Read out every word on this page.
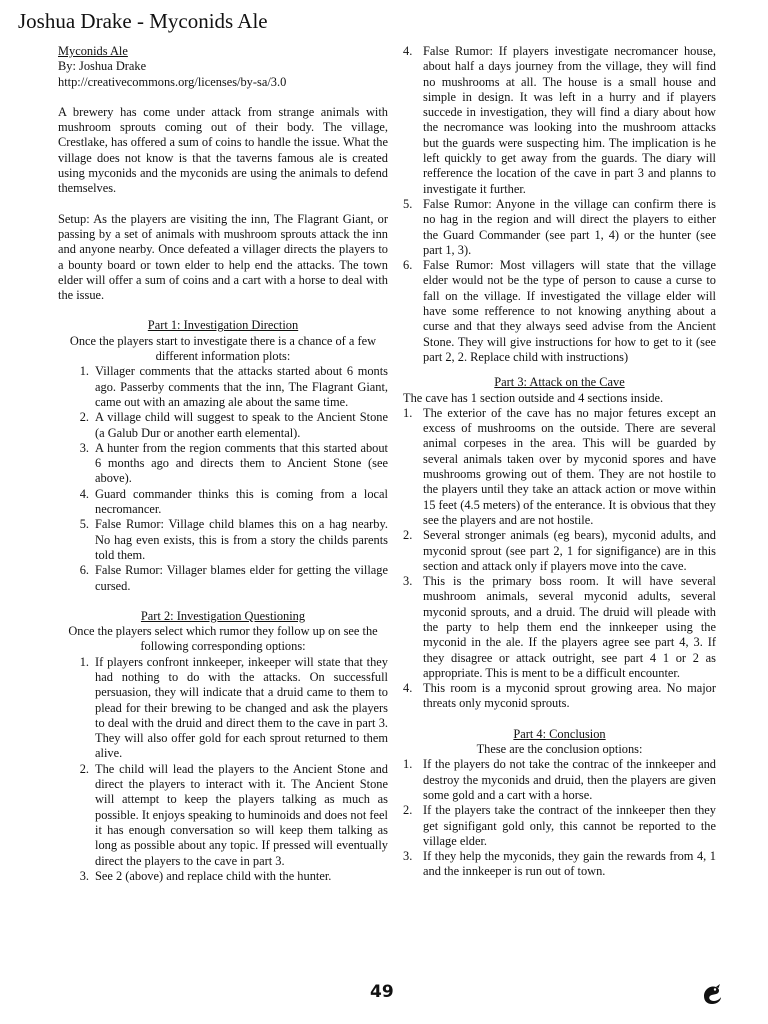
Joshua Drake - Myconids Ale

Myconids Ale

By: Joshua Drake

http://creativecommons.org/licenses/by-sa/3.0

A brewery has come under attack from strange animals with mushroom sprouts coming out of their body. The village, Crestlake, has offered a sum of coins to handle the issue. What the village does not know is that the taverns famous ale is created using myconids and the myconids are using the animals to defend themselves.

Setup: As the players are visiting the inn, The Flagrant Giant, or passing by a set of animals with mushroom sprouts attack the inn and anyone nearby. Once defeated a villager directs the players to a bounty board or town elder to help end the attacks. The town elder will offer a sum of coins and a cart with a horse to deal with the issue.

Part 1: Investigation Direction

Once the players start to investigate there is a chance of a few different information plots:

1. Villager comments that the attacks started about 6 monts ago. Passerby comments that the inn, The Flagrant Giant, came out with an amazing ale about the same time.
2. A village child will suggest to speak to the Ancient Stone (a Galub Dur or another earth elemental).
3. A hunter from the region comments that this started about 6 months ago and directs them to Ancient Stone (see above).
4. Guard commander thinks this is coming from a local necromancer.
5. False Rumor: Village child blames this on a hag nearby. No hag even exists, this is from a story the childs parents told them.
6. False Rumor: Villager blames elder for getting the village cursed.

Part 2: Investigation Questioning

Once the players select which rumor they follow up on see the following corresponding options:

1. If players confront innkeeper, inkeeper will state that they had nothing to do with the attacks. On successfull persuasion, they will indicate that a druid came to them to plead for their brewing to be changed and ask the players to deal with the druid and direct them to the cave in part 3. They will also offer gold for each sprout returned to them alive.
2. The child will lead the players to the Ancient Stone and direct the players to interact with it. The Ancient Stone will attempt to keep the players talking as much as possible. It enjoys speaking to huminoids and does not feel it has enough conversation so will keep them talking as long as possible about any topic. If pressed will eventually direct the players to the cave in part 3.
3. See 2 (above) and replace child with the hunter.
4. False Rumor: If players investigate necromancer house, about half a days journey from the village, they will find no mushrooms at all. The house is a small house and simple in design. It was left in a hurry and if players succede in investigation, they will find a diary about how the necromance was looking into the mushroom attacks but the guards were suspecting him. The implication is he left quickly to get away from the guards. The diary will refference the location of the cave in part 3 and planns to investigate it further.
5. False Rumor: Anyone in the village can confirm there is no hag in the region and will direct the players to either the Guard Commander (see part 1, 4) or the hunter (see part 1, 3).
6. False Rumor: Most villagers will state that the village elder would not be the type of person to cause a curse to fall on the village. If investigated the village elder will have some refference to not knowing anything about a curse and that they always seed advise from the Ancient Stone. They will give instructions for how to get to it (see part 2, 2. Replace child with instructions)

Part 3: Attack on the Cave

The cave has 1 section outside and 4 sections inside.

1. The exterior of the cave has no major fetures except an excess of mushrooms on the outside. There are several animal corpeses in the area. This will be guarded by several animals taken over by myconid spores and have mushrooms growing out of them. They are not hostile to the players until they take an attack action or move within 15 feet (4.5 meters) of the enterance. It is obvious that they see the players and are not hostile.
2. Several stronger animals (eg bears), myconid adults, and myconid sprout (see part 2, 1 for signifigance) are in this section and attack only if players move into the cave.
3. This is the primary boss room. It will have several mushroom animals, several myconid adults, several myconid sprouts, and a druid. The druid will pleade with the party to help them end the innkeeper using the myconid in the ale. If the players agree see part 4, 3. If they disagree or attack outright, see part 4 1 or 2 as appropriate. This is ment to be a difficult encounter.
4. This room is a myconid sprout growing area. No major threats only myconid sprouts.

Part 4: Conclusion

These are the conclusion options:

1. If the players do not take the contrac of the innkeeper and destroy the myconids and druid, then the players are given some gold and a cart with a horse.
2. If the players take the contract of the innkeeper then they get signifigant gold only, this cannot be reported to the village elder.
3. If they help the myconids, they gain the rewards from 4, 1 and the innkeeper is run out of town.
49
